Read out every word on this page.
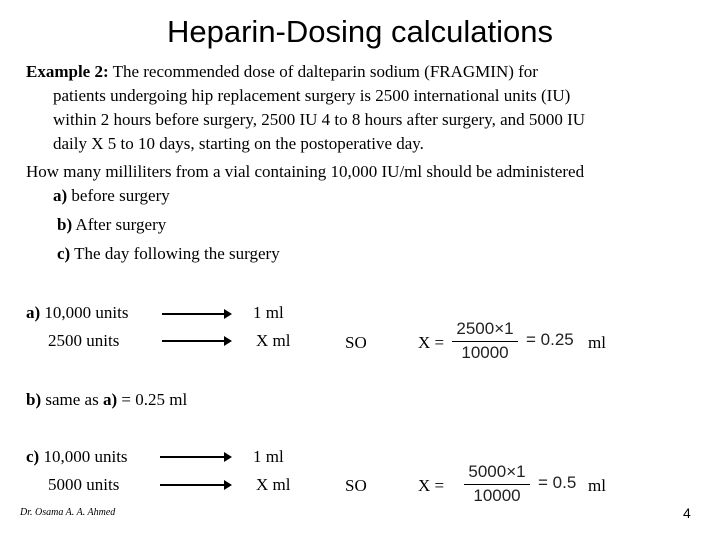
Heparin-Dosing calculations
Example 2: The recommended dose of dalteparin sodium (FRAGMIN) for
patients undergoing hip replacement surgery is 2500 international units (IU)
within 2 hours before surgery, 2500 IU 4 to 8 hours after surgery, and 5000 IU
daily X 5 to 10 days, starting on the postoperative day.
How many milliliters from a vial containing 10,000 IU/ml should be administered
a) before surgery
b) After surgery
c) The day following the surgery
a) 10,000 units	1 ml
2500 units	X ml	SO	X =
2500×1
10000
= 0.25 ml
b) same as a) = 0.25 ml
c) 10,000 units	1 ml
5000 units	X ml	SO	X =
5000×1
10000
= 0.5 ml
Dr. Osama A. A. Ahmed	4
